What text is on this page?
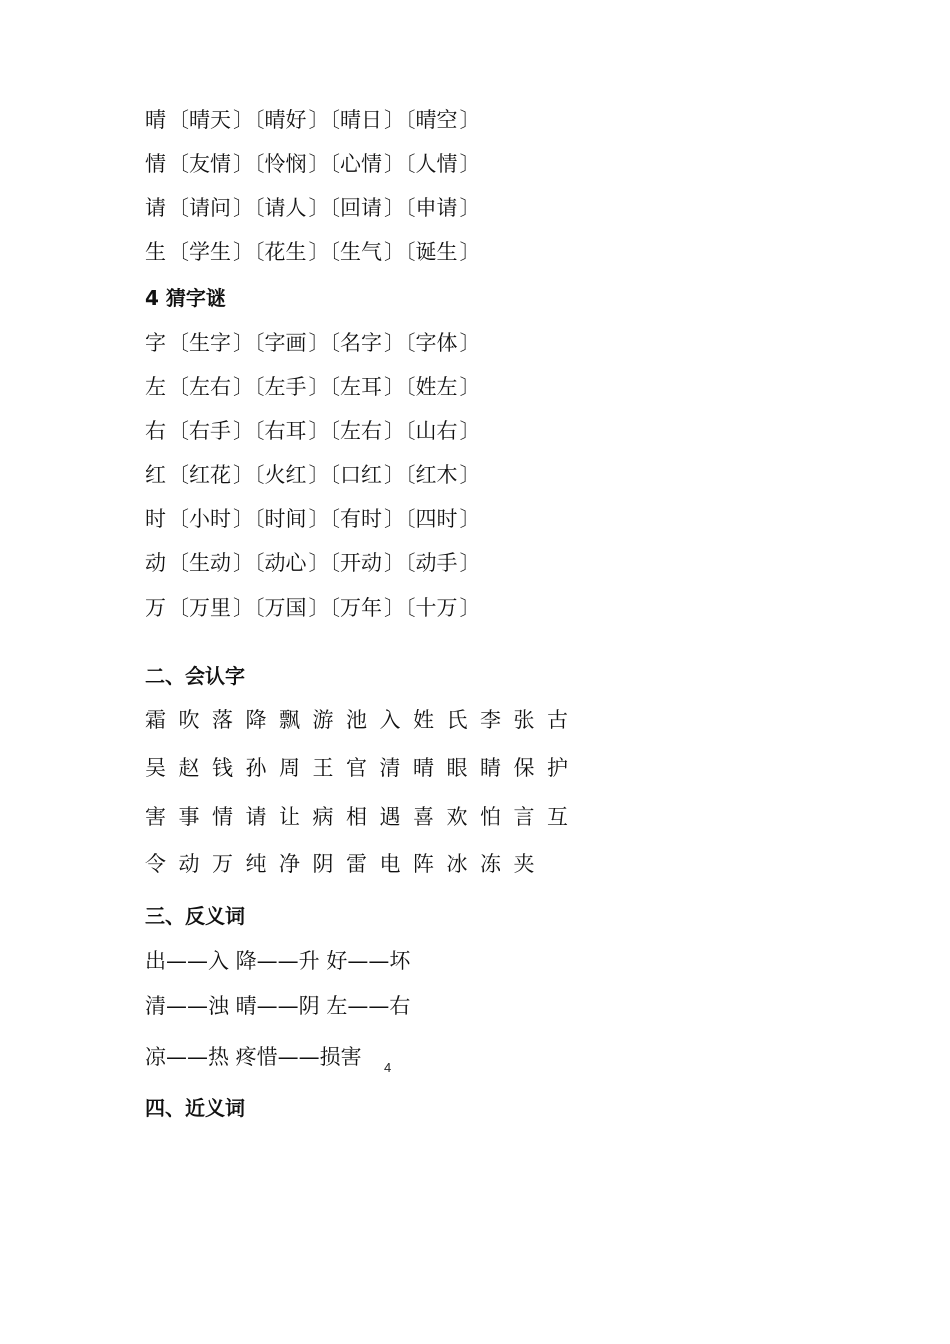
晴〔晴天〕〔晴好〕〔晴日〕〔晴空〕
情〔友情〕〔怜悯〕〔心情〕〔人情〕
请〔请问〕〔请人〕〔回请〕〔申请〕
生〔学生〕〔花生〕〔生气〕〔诞生〕
4 猜字谜
字〔生字〕〔字画〕〔名字〕〔字体〕
左〔左右〕〔左手〕〔左耳〕〔姓左〕
右〔右手〕〔右耳〕〔左右〕〔山右〕
红〔红花〕〔火红〕〔口红〕〔红木〕
时〔小时〕〔时间〕〔有时〕〔四时〕
动〔生动〕〔动心〕〔开动〕〔动手〕
万〔万里〕〔万国〕〔万年〕〔十万〕
二、会认字
霜 吹 落 降 飘 游 池 入 姓 氏 李 张 古
吴 赵 钱 孙 周 王 官 清 晴 眼 睛 保 护
害 事 情 请 让 病 相 遇 喜 欢 怕 言 互
令 动 万 纯 净 阴 雷 电 阵 冰 冻 夹
三、反义词
出——入 降——升 好——坏
清——浊 晴——阴 左——右
凉——热 疼惜——损害 4
四、近义词
